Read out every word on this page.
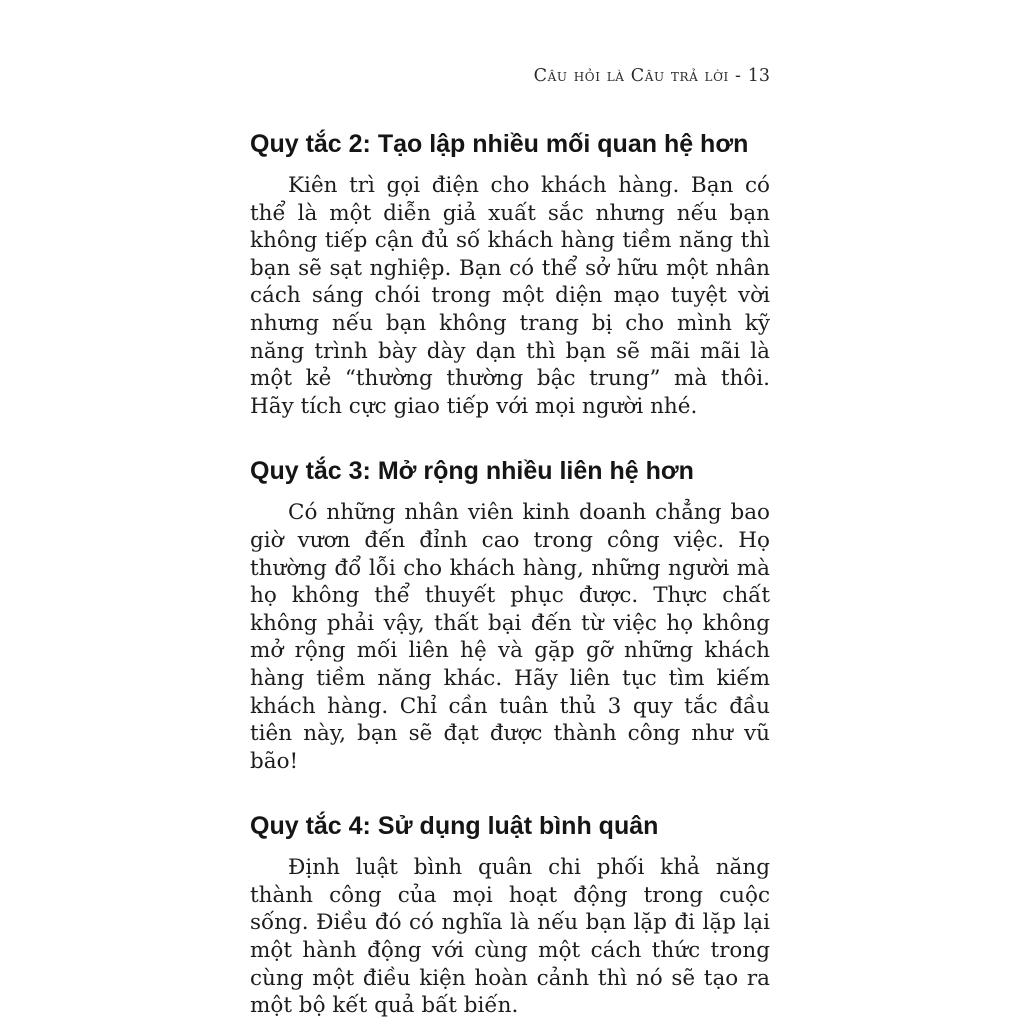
Câu hỏi là Câu trả lời - 13
Quy tắc 2: Tạo lập nhiều mối quan hệ hơn

Kiên trì gọi điện cho khách hàng. Bạn có thể là một diễn giả xuất sắc nhưng nếu bạn không tiếp cận đủ số khách hàng tiềm năng thì bạn sẽ sạt nghiệp. Bạn có thể sở hữu một nhân cách sáng chói trong một diện mạo tuyệt vời nhưng nếu bạn không trang bị cho mình kỹ năng trình bày dày dạn thì bạn sẽ mãi mãi là một kẻ “thường thường bậc trung” mà thôi. Hãy tích cực giao tiếp với mọi người nhé.

Quy tắc 3: Mở rộng nhiều liên hệ hơn

Có những nhân viên kinh doanh chẳng bao giờ vươn đến đỉnh cao trong công việc. Họ thường đổ lỗi cho khách hàng, những người mà họ không thể thuyết phục được. Thực chất không phải vậy, thất bại đến từ việc họ không mở rộng mối liên hệ và gặp gỡ những khách hàng tiềm năng khác. Hãy liên tục tìm kiếm khách hàng. Chỉ cần tuân thủ 3 quy tắc đầu tiên này, bạn sẽ đạt được thành công như vũ bão!

Quy tắc 4: Sử dụng luật bình quân

Định luật bình quân chi phối khả năng thành công của mọi hoạt động trong cuộc sống. Điều đó có nghĩa là nếu bạn lặp đi lặp lại một hành động với cùng một cách thức trong cùng một điều kiện hoàn cảnh thì nó sẽ tạo ra một bộ kết quả bất biến.
